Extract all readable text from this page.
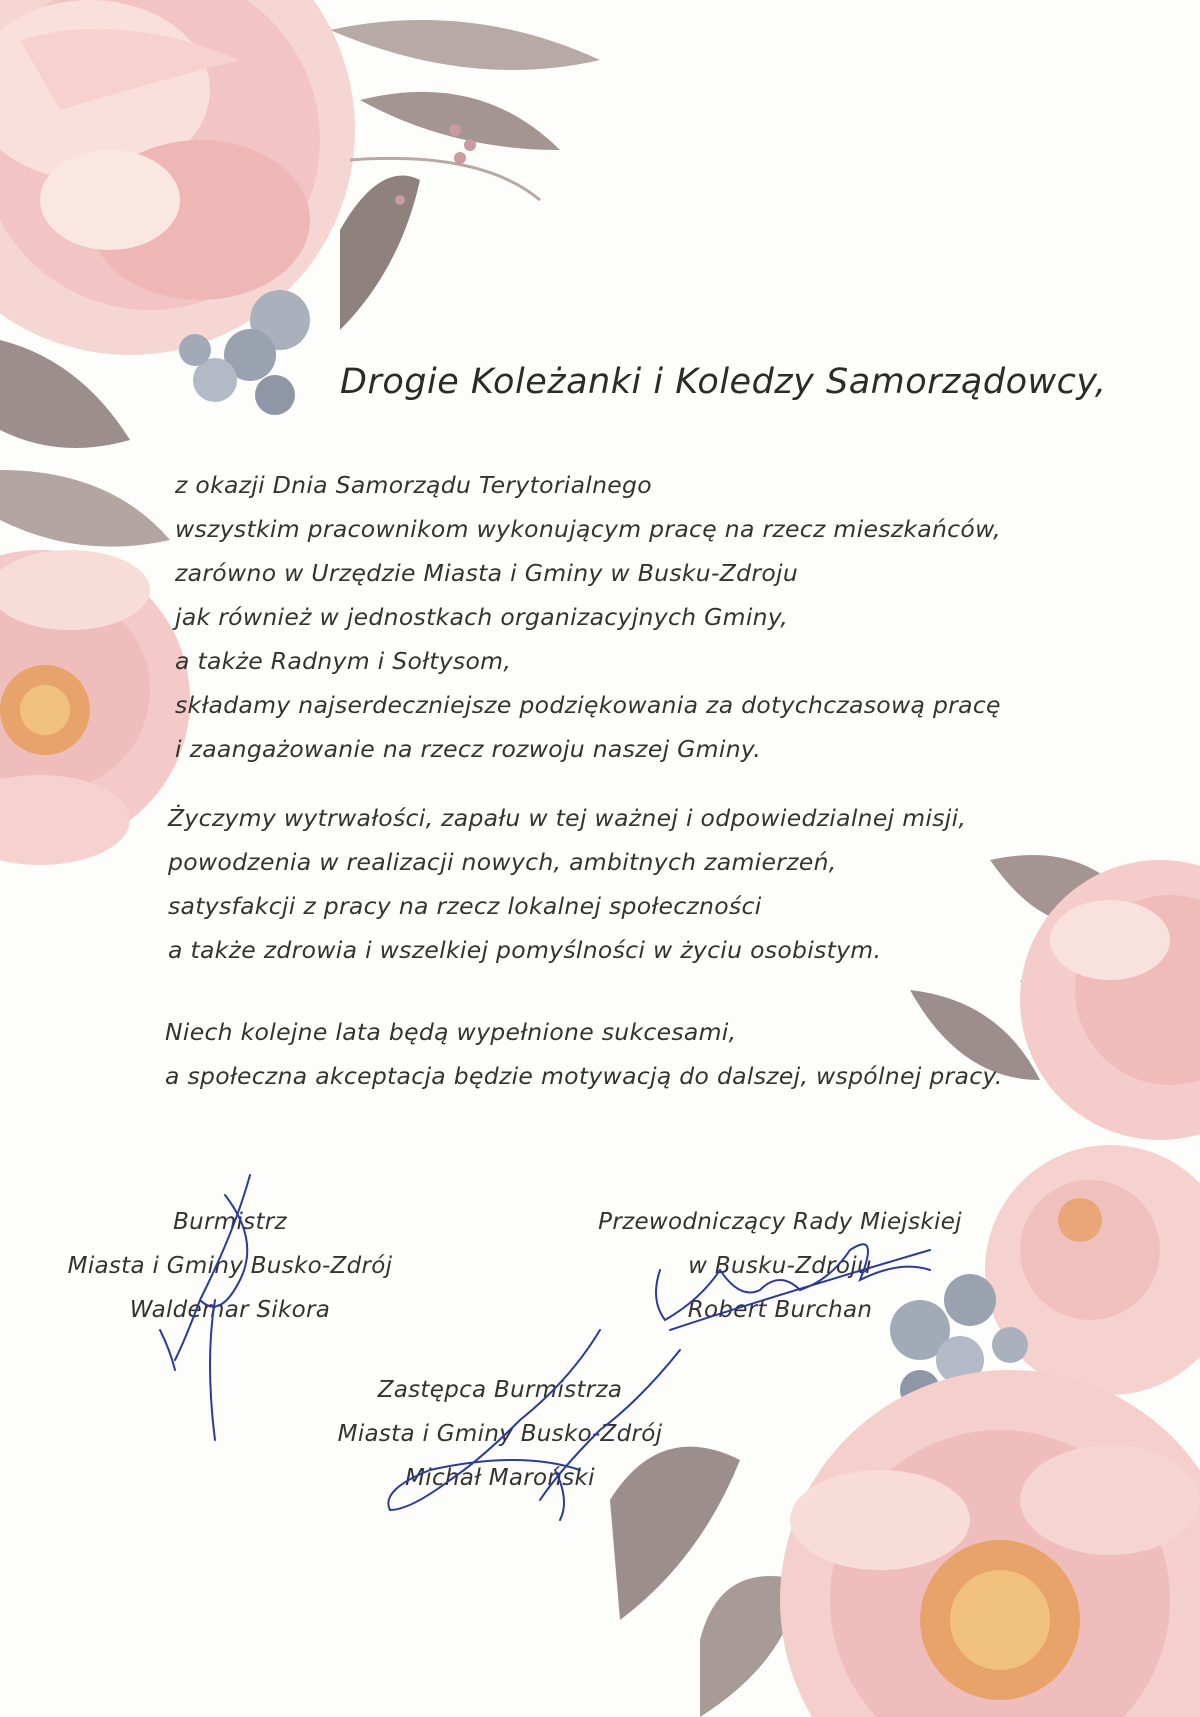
Drogie Koleżanki i Koledzy Samorządowcy,
z okazji Dnia Samorządu Terytorialnego
wszystkim pracownikom wykonującym pracę na rzecz mieszkańców,
zarówno w Urzędzie Miasta i Gminy w Busku-Zdroju
jak również w jednostkach organizacyjnych Gminy,
a także Radnym i Sołtysom,
składamy najserdeczniejsze podziękowania za dotychczasową pracę
i zaangażowanie na rzecz rozwoju naszej Gminy.
Życzymy wytrwałości, zapału w tej ważnej i odpowiedzialnej misji,
powodzenia w realizacji nowych, ambitnych zamierzeń,
satysfakcji z pracy na rzecz lokalnej społeczności
a także zdrowia i wszelkiej pomyślności w życiu osobistym.
Niech kolejne lata będą wypełnione sukcesami,
a społeczna akceptacja będzie motywacją do dalszej, wspólnej pracy.
Burmistrz
Miasta i Gminy Busko-Zdrój
Waldemar Sikora
Przewodniczący Rady Miejskiej
w Busku-Zdroju
Robert Burchan
Zastępca Burmistrza
Miasta i Gminy Busko-Zdrój
Michał Maroński
